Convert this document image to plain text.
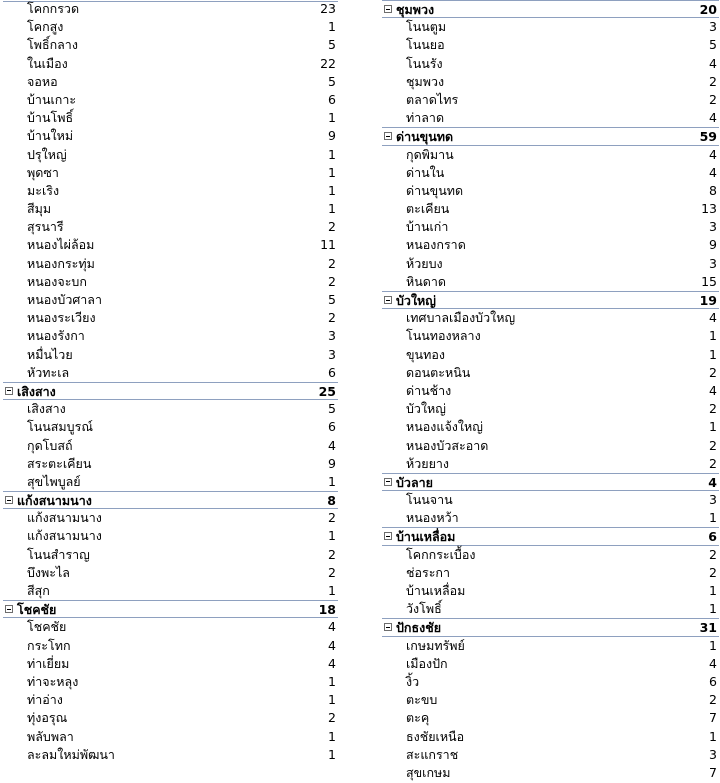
โคกกรวด	23
โคกสูง	1
โพธิ์กลาง	5
ในเมือง	22
จอหอ	5
บ้านเกาะ	6
บ้านโพธิ์	1
บ้านใหม่	9
ปรุใหญ่	1
พุดซา	1
มะเริง	1
สีมุม	1
สุรนารี	2
หนองไผ่ล้อม	11
หนองกระทุ่ม	2
หนองจะบก	2
หนองบัวศาลา	5
หนองระเวียง	2
หนองรังกา	3
หมื่นไวย	3
หัวทะเล	6
เสิงสาง	25
เสิงสาง	5
โนนสมบูรณ์	6
กุดโบสถ์	4
สระตะเคียน	9
สุขไพบูลย์	1
แก้งสนามนาง	8
แก้งสนามนาง	2
แก้งสนามนาง	1
โนนสำราญ	2
บึงพะไล	2
สีสุก	1
โชคชัย	18
โชคชัย	4
กระโทก	4
ท่าเยี่ยม	4
ท่าจะหลุง	1
ท่าอ่าง	1
ทุ่งอรุณ	2
พลับพลา	1
ละลมใหม่พัฒนา	1
ชุมพวง	20
โนนตูม	3
โนนยอ	5
โนนรัง	4
ชุมพวง	2
ตลาดไทร	2
ท่าลาด	4
ด่านขุนทด	59
กุดพิมาน	4
ด่านใน	4
ด่านขุนทด	8
ตะเคียน	13
บ้านเก่า	3
หนองกราด	9
ห้วยบง	3
หินดาด	15
บัวใหญ่	19
เทศบาลเมืองบัวใหญ	4
โนนทองหลาง	1
ขุนทอง	1
ดอนตะหนิน	2
ด่านช้าง	4
บัวใหญ่	2
หนองแจ้งใหญ่	1
หนองบัวสะอาด	2
ห้วยยาง	2
บัวลาย	4
โนนจาน	3
หนองหว้า	1
บ้านเหลื่อม	6
โคกกระเบื้อง	2
ช่อระกา	2
บ้านเหลื่อม	1
วังโพธิ์	1
ปักธงชัย	31
เกษมทรัพย์	1
เมืองปัก	4
งิ้ว	6
ตะขบ	2
ตะคุ	7
ธงชัยเหนือ	1
สะแกราช	3
สุขเกษม	7
